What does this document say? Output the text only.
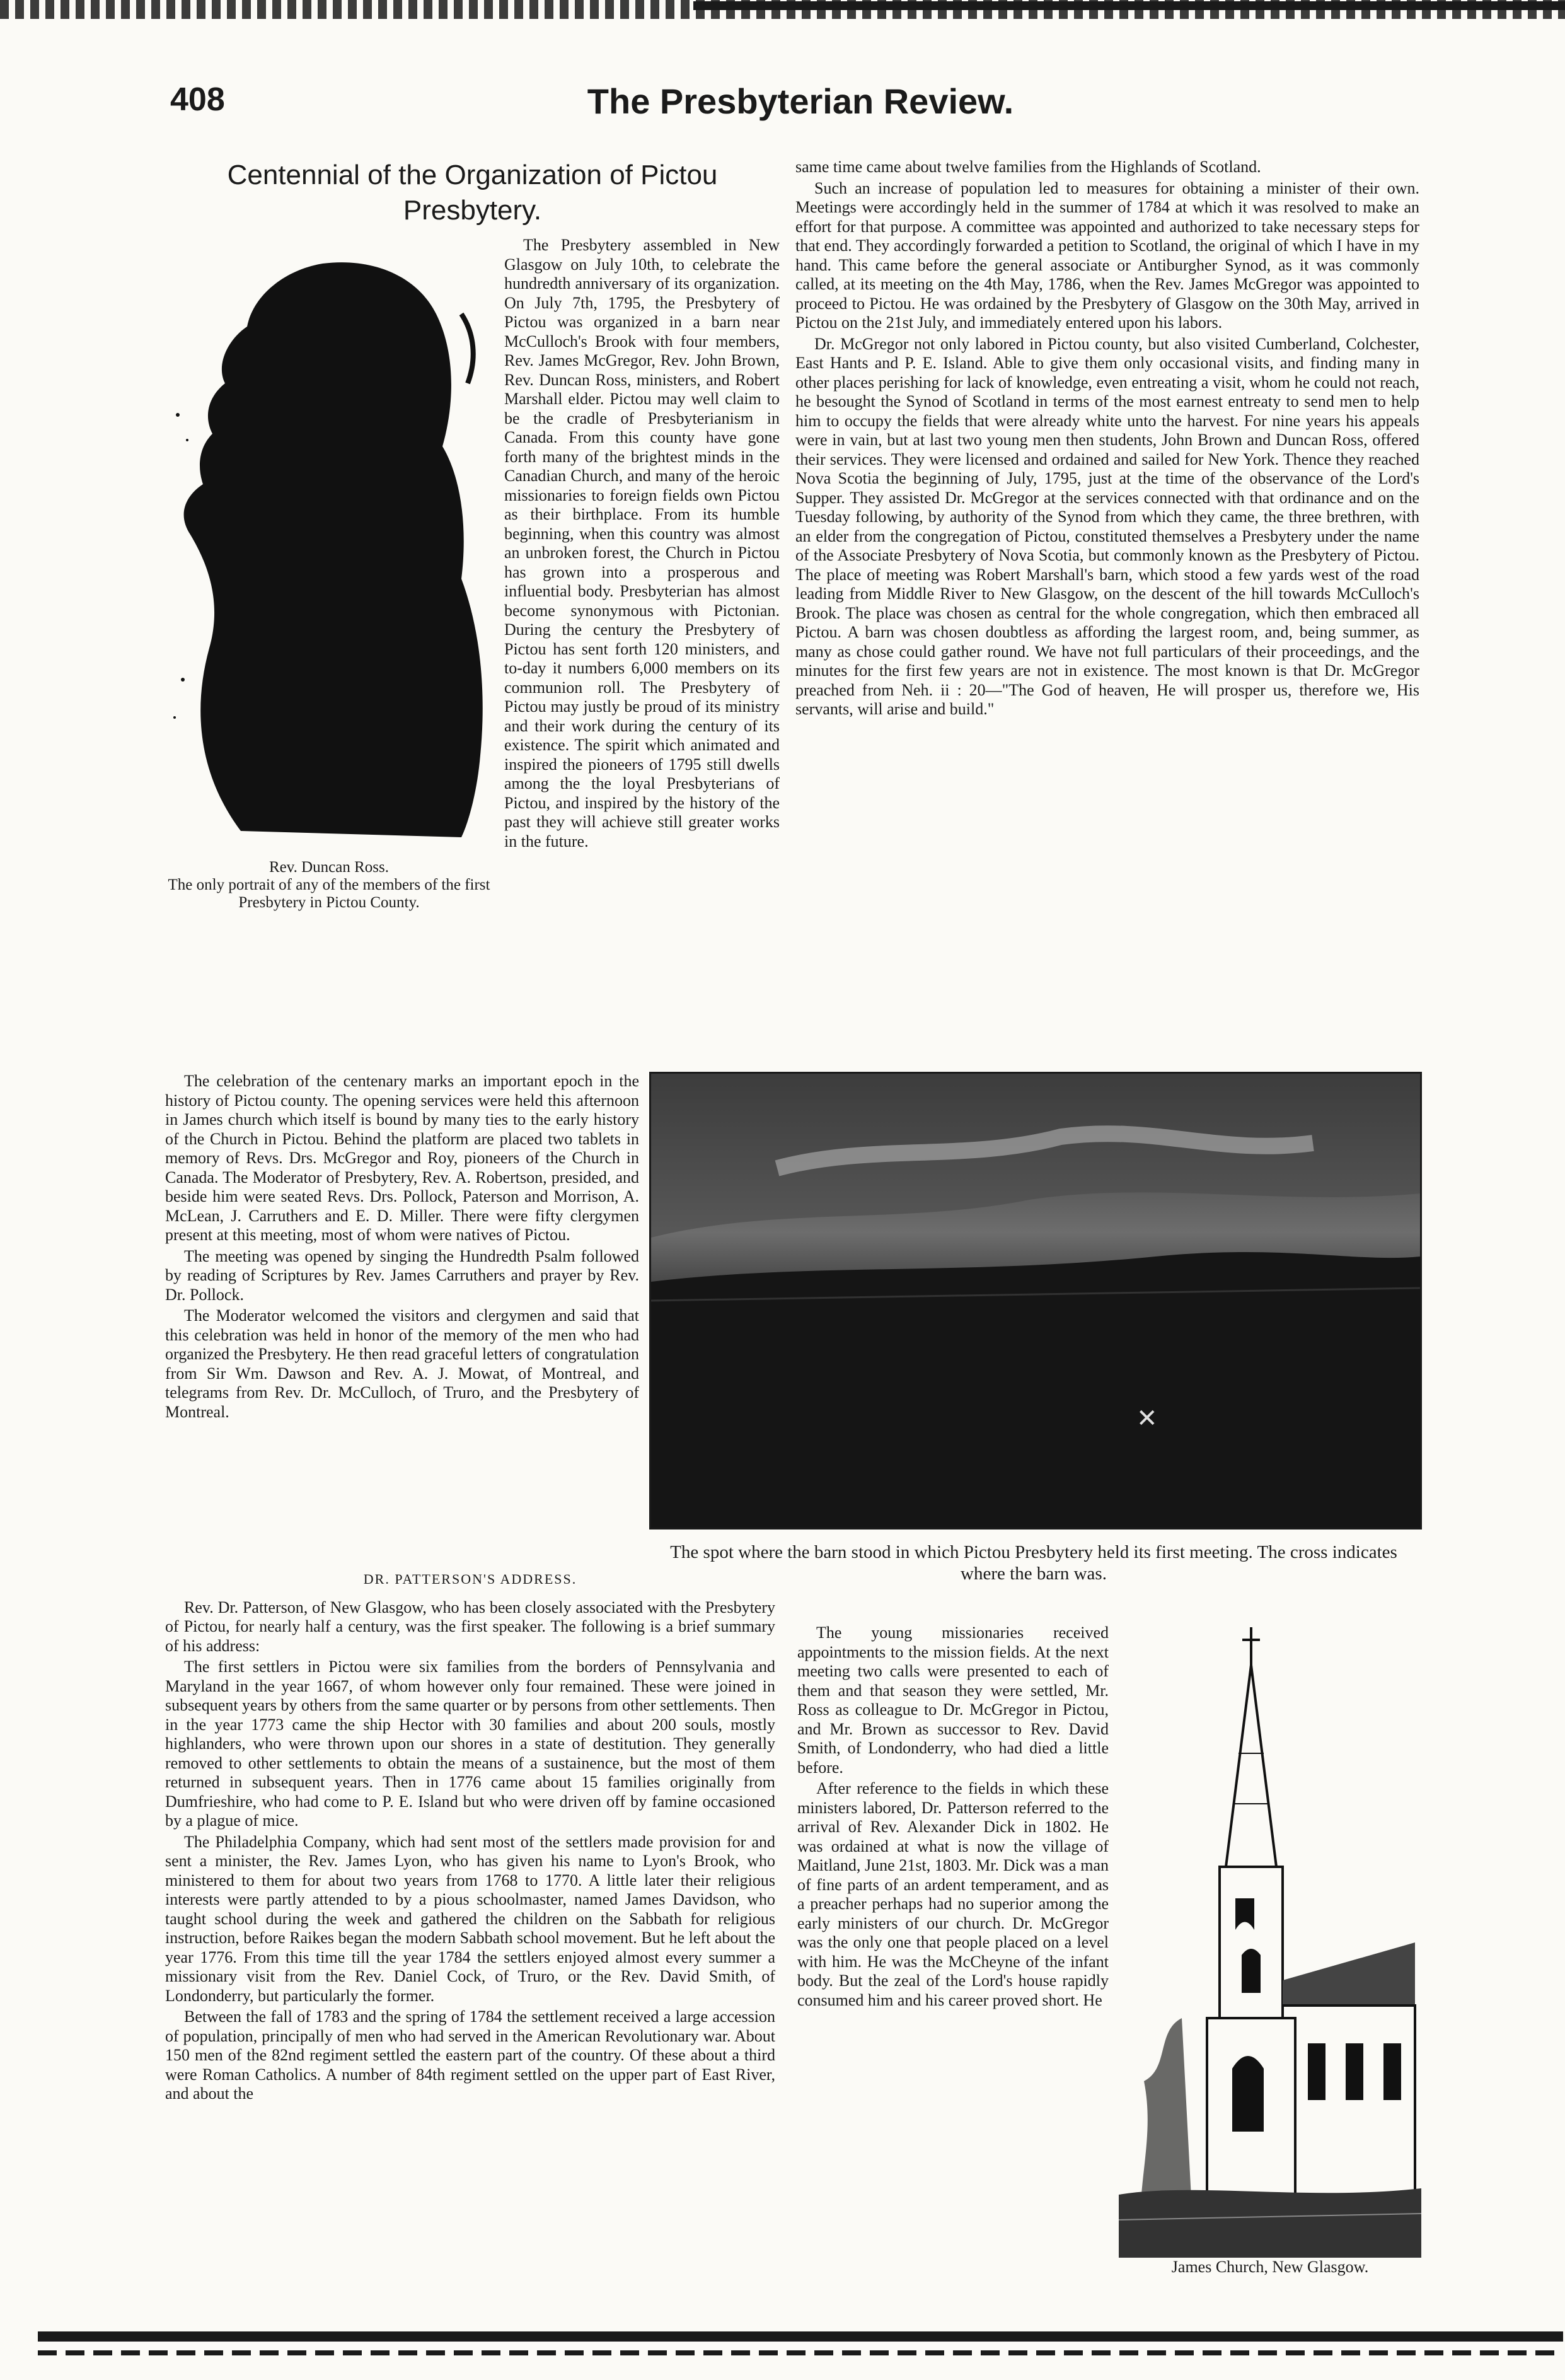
408	The Presbyterian Review.
Centennial of the Organization of Pictou Presbytery.
Rev. Duncan Ross.
The only portrait of any of the members of the first Presbytery in Pictou County.

The Presbytery assembled in New Glasgow on July 10th, to celebrate the hundredth anniversary of its organization. On July 7th, 1795, the Presbytery of Pictou was organized in a barn near McCulloch's Brook with four members, Rev. James McGregor, Rev. John Brown, Rev. Duncan Ross, ministers, and Robert Marshall elder. Pictou may well claim to be the cradle of Presbyterianism in Canada. From this county have gone forth many of the brightest minds in the Canadian Church, and many of the heroic missionaries to foreign fields own Pictou as their birthplace. From its humble beginning, when this country was almost an unbroken forest, the Church in Pictou has grown into a prosperous and influential body. Presbyterian has almost become synonymous with Pictonian. During the century the Presbytery of Pictou has sent forth 120 ministers, and to-day it numbers 6,000 members on its communion roll. The Presbytery of Pictou may justly be proud of its ministry and their work during the century of its existence. The spirit which animated and inspired the pioneers of 1795 still dwells among the the loyal Presbyterians of Pictou, and inspired by the history of the past they will achieve still greater works in the future.

The celebration of the centenary marks an important epoch in the history of Pictou county. The opening services were held this afternoon in James church which itself is bound by many ties to the early history of the Church in Pictou. Behind the platform are placed two tablets in memory of Revs. Drs. McGregor and Roy, pioneers of the Church in Canada. The Moderator of Presbytery, Rev. A. Robertson, presided, and beside him were seated Revs. Drs. Pollock, Paterson and Morrison, A. McLean, J. Carruthers and E. D. Miller. There were fifty clergymen present at this meeting, most of whom were natives of Pictou.

The meeting was opened by singing the Hundredth Psalm followed by reading of Scriptures by Rev. James Carruthers and prayer by Rev. Dr. Pollock.

The Moderator welcomed the visitors and clergymen and said that this celebration was held in honor of the memory of the men who had organized the Presbytery. He then read graceful letters of congratulation from Sir Wm. Dawson and Rev. A. J. Mowat, of Montreal, and telegrams from Rev. Dr. McCulloch, of Truro, and the Presbytery of Montreal.

same time came about twelve families from the Highlands of Scotland.

Such an increase of population led to measures for obtaining a minister of their own. Meetings were accordingly held in the summer of 1784 at which it was resolved to make an effort for that purpose. A committee was appointed and authorized to take necessary steps for that end. They accordingly forwarded a petition to Scotland, the original of which I have in my hand. This came before the general associate or Antiburgher Synod, as it was commonly called, at its meeting on the 4th May, 1786, when the Rev. James McGregor was appointed to proceed to Pictou. He was ordained by the Presbytery of Glasgow on the 30th May, arrived in Pictou on the 21st July, and immediately entered upon his labors.

Dr. McGregor not only labored in Pictou county, but also visited Cumberland, Colchester, East Hants and P. E. Island. Able to give them only occasional visits, and finding many in other places perishing for lack of knowledge, even entreating a visit, whom he could not reach, he besought the Synod of Scotland in terms of the most earnest entreaty to send men to help him to occupy the fields that were already white unto the harvest. For nine years his appeals were in vain, but at last two young men then students, John Brown and Duncan Ross, offered their services. They were licensed and ordained and sailed for New York. Thence they reached Nova Scotia the beginning of July, 1795, just at the time of the observance of the Lord's Supper. They assisted Dr. McGregor at the services connected with that ordinance and on the Tuesday following, by authority of the Synod from which they came, the three brethren, with an elder from the congregation of Pictou, constituted themselves a Presbytery under the name of the Associate Presbytery of Nova Scotia, but commonly known as the Presbytery of Pictou. The place of meeting was Robert Marshall's barn, which stood a few yards west of the road leading from Middle River to New Glasgow, on the descent of the hill towards McCulloch's Brook. The place was chosen as central for the whole congregation, which then embraced all Pictou. A barn was chosen doubtless as affording the largest room, and, being summer, as many as chose could gather round. We have not full particulars of their proceedings, and the minutes for the first few years are not in existence. The most known is that Dr. McGregor preached from Neh. ii : 20—"The God of heaven, He will prosper us, therefore we, His servants, will arise and build."

✕
The spot where the barn stood in which Pictou Presbytery held its first meeting. The cross indicates where the barn was.
DR. PATTERSON'S ADDRESS.

Rev. Dr. Patterson, of New Glasgow, who has been closely associated with the Presbytery of Pictou, for nearly half a century, was the first speaker. The following is a brief summary of his address:

The first settlers in Pictou were six families from the borders of Pennsylvania and Maryland in the year 1667, of whom however only four remained. These were joined in subsequent years by others from the same quarter or by persons from other settlements. Then in the year 1773 came the ship Hector with 30 families and about 200 souls, mostly highlanders, who were thrown upon our shores in a state of destitution. They generally removed to other settlements to obtain the means of a sustainence, but the most of them returned in subsequent years. Then in 1776 came about 15 families originally from Dumfrieshire, who had come to P. E. Island but who were driven off by famine occasioned by a plague of mice.

The Philadelphia Company, which had sent most of the settlers made provision for and sent a minister, the Rev. James Lyon, who has given his name to Lyon's Brook, who ministered to them for about two years from 1768 to 1770. A little later their religious interests were partly attended to by a pious schoolmaster, named James Davidson, who taught school during the week and gathered the children on the Sabbath for religious instruction, before Raikes began the modern Sabbath school movement. But he left about the year 1776. From this time till the year 1784 the settlers enjoyed almost every summer a missionary visit from the Rev. Daniel Cock, of Truro, or the Rev. David Smith, of Londonderry, but particularly the former.

Between the fall of 1783 and the spring of 1784 the settlement received a large accession of population, principally of men who had served in the American Revolutionary war. About 150 men of the 82nd regiment settled the eastern part of the country. Of these about a third were Roman Catholics. A number of 84th regiment settled on the upper part of East River, and about the

James Church, New Glasgow.

The young missionaries received appointments to the mission fields. At the next meeting two calls were presented to each of them and that season they were settled, Mr. Ross as colleague to Dr. McGregor in Pictou, and Mr. Brown as successor to Rev. David Smith, of Londonderry, who had died a little before.

After reference to the fields in which these ministers labored, Dr. Patterson referred to the arrival of Rev. Alexander Dick in 1802. He was ordained at what is now the village of Maitland, June 21st, 1803. Mr. Dick was a man of fine parts of an ardent temperament, and as a preacher perhaps had no superior among the early ministers of our church. Dr. McGregor was the only one that people placed on a level with him. He was the McCheyne of the infant body. But the zeal of the Lord's house rapidly consumed him and his career proved short. He
